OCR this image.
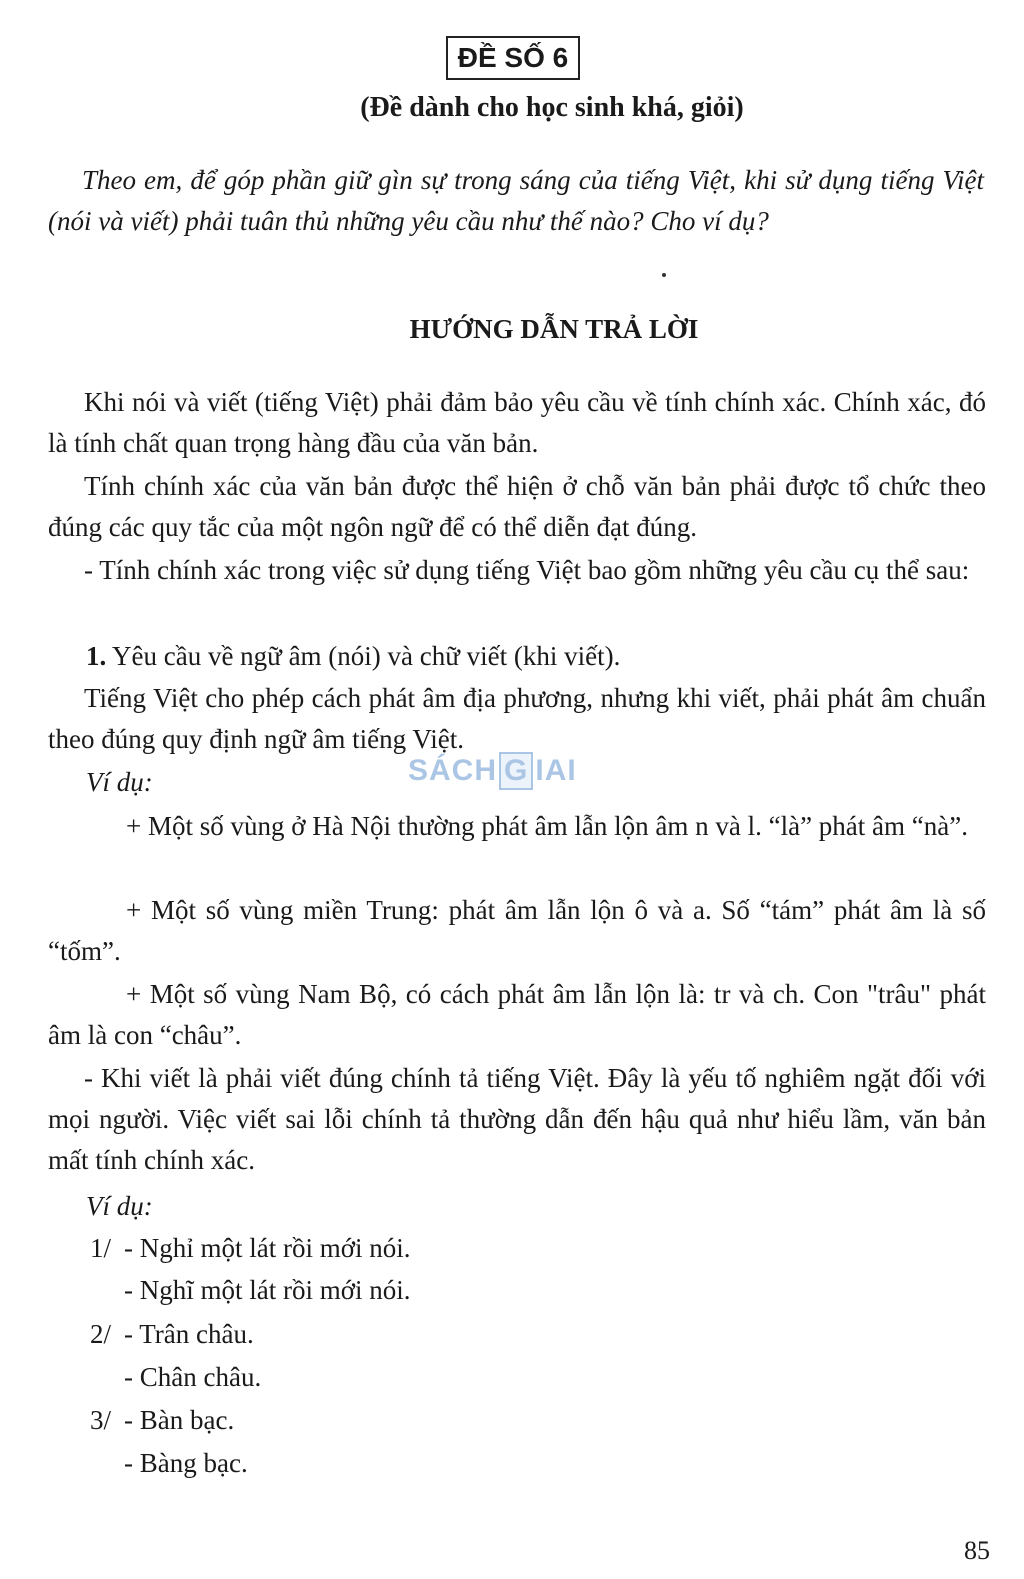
ĐỀ SỐ 6
(Đề dành cho học sinh khá, giỏi)
Theo em, để góp phần giữ gìn sự trong sáng của tiếng Việt, khi sử dụng tiếng Việt (nói và viết) phải tuân thủ những yêu cầu như thế nào? Cho ví dụ?
HƯỚNG DẪN TRẢ LỜI
Khi nói và viết (tiếng Việt) phải đảm bảo yêu cầu về tính chính xác. Chính xác, đó là tính chất quan trọng hàng đầu của văn bản.
Tính chính xác của văn bản được thể hiện ở chỗ văn bản phải được tổ chức theo đúng các quy tắc của một ngôn ngữ để có thể diễn đạt đúng.
- Tính chính xác trong việc sử dụng tiếng Việt bao gồm những yêu cầu cụ thể sau:
1. Yêu cầu về ngữ âm (nói) và chữ viết (khi viết).
Tiếng Việt cho phép cách phát âm địa phương, nhưng khi viết, phải phát âm chuẩn theo đúng quy định ngữ âm tiếng Việt.
Ví dụ:	SÁCH G IAI
+ Một số vùng ở Hà Nội thường phát âm lẫn lộn âm n và l. “là” phát âm “nà”.
+ Một số vùng miền Trung: phát âm lẫn lộn ô và a. Số “tám” phát âm là số “tốm”.
+ Một số vùng Nam Bộ, có cách phát âm lẫn lộn là: tr và ch. Con "trâu" phát âm là con “châu”.
- Khi viết là phải viết đúng chính tả tiếng Việt. Đây là yếu tố nghiêm ngặt đối với mọi người. Việc viết sai lỗi chính tả thường dẫn đến hậu quả như hiểu lầm, văn bản mất tính chính xác.
Ví dụ:
1/ - Nghỉ một lát rồi mới nói.
- Nghĩ một lát rồi mới nói.
2/ - Trân châu.
- Chân châu.
3/ - Bàn bạc.
- Bàng bạc.
85
